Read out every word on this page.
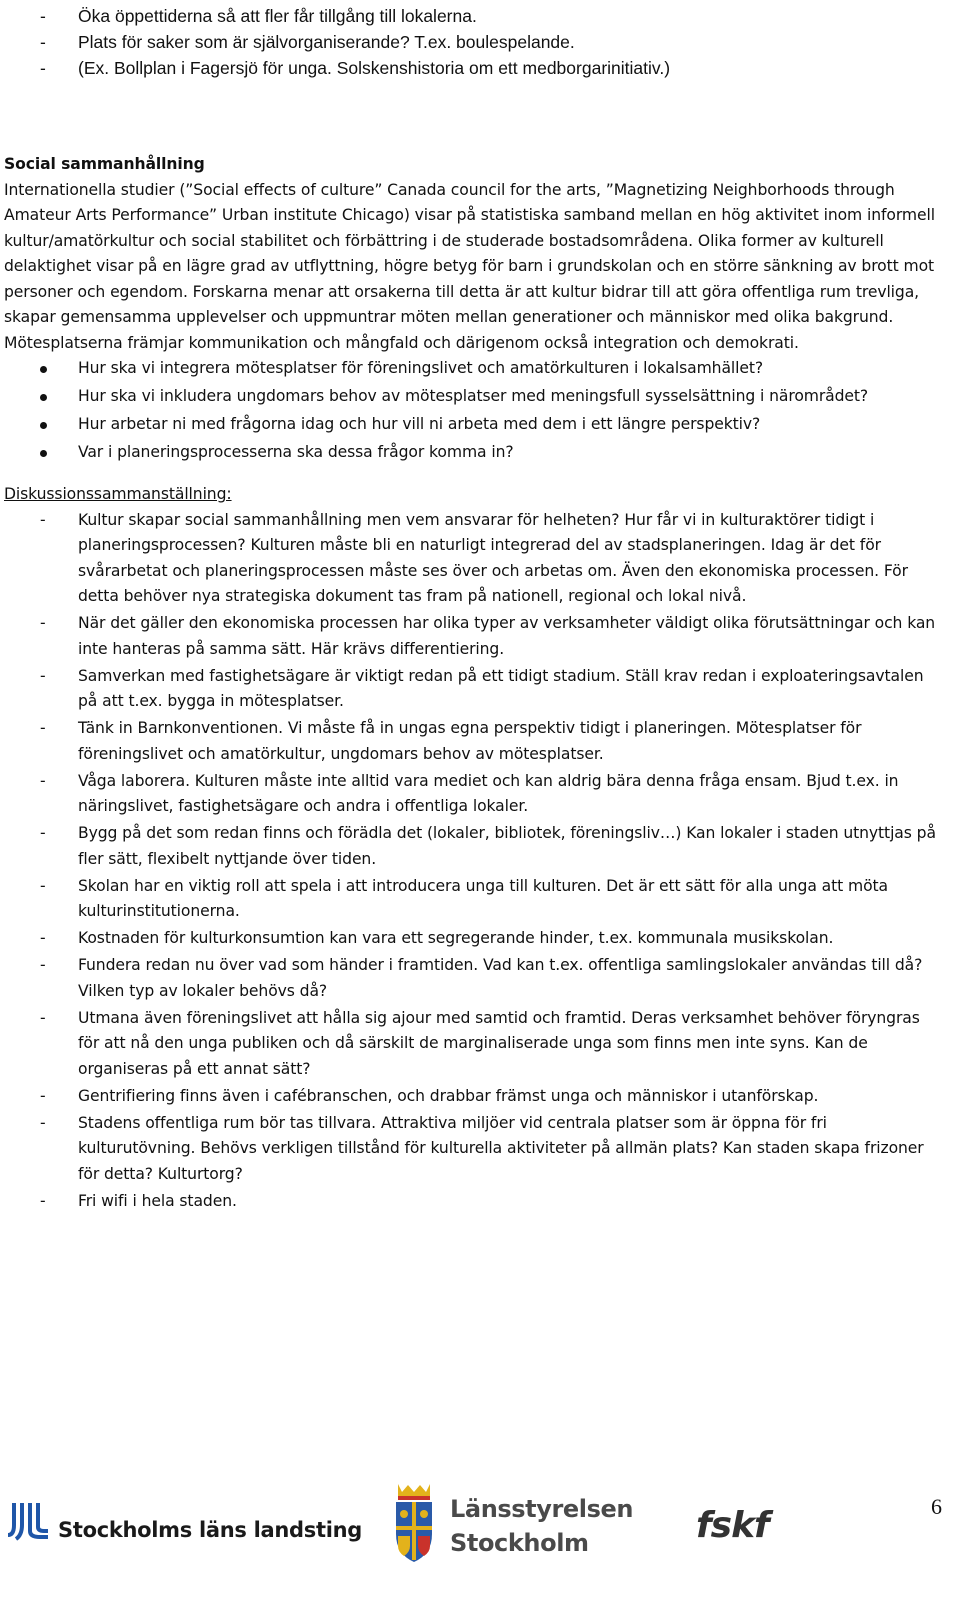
-	Öka öppettiderna så att fler får tillgång till lokalerna.
-	Plats för saker som är självorganiserande? T.ex. boulespelande.
-	(Ex. Bollplan i Fagersjö för unga. Solskenshistoria om ett medborgarinitiativ.)
Social sammanhållning

Internationella studier (”Social effects of culture” Canada council for the arts, ”Magnetizing Neighborhoods through Amateur Arts Performance” Urban institute Chicago) visar på statistiska samband mellan en hög aktivitet inom informell kultur/amatörkultur och social stabilitet och förbättring i de studerade bostadsområdena. Olika former av kulturell delaktighet visar på en lägre grad av utflyttning, högre betyg för barn i grundskolan och en större sänkning av brott mot personer och egendom. Forskarna menar att orsakerna till detta är att kultur bidrar till att göra offentliga rum trevliga, skapar gemensamma upplevelser och uppmuntrar möten mellan generationer och människor med olika bakgrund. Mötesplatserna främjar kommunikation och mångfald och därigenom också integration och demokrati.

Hur ska vi integrera mötesplatser för föreningslivet och amatörkulturen i lokalsamhället?
Hur ska vi inkludera ungdomars behov av mötesplatser med meningsfull sysselsättning i närområdet?
Hur arbetar ni med frågorna idag och hur vill ni arbeta med dem i ett längre perspektiv?
Var i planeringsprocesserna ska dessa frågor komma in?
Diskussionssammanställning:
-	Kultur skapar social sammanhållning men vem ansvarar för helheten? Hur får vi in kulturaktörer tidigt i planeringsprocessen? Kulturen måste bli en naturligt integrerad del av stadsplaneringen. Idag är det för svårarbetat och planeringsprocessen måste ses över och arbetas om. Även den ekonomiska processen. För detta behöver nya strategiska dokument tas fram på nationell, regional och lokal nivå.
-	När det gäller den ekonomiska processen har olika typer av verksamheter väldigt olika förutsättningar och kan inte hanteras på samma sätt. Här krävs differentiering.
-	Samverkan med fastighetsägare är viktigt redan på ett tidigt stadium. Ställ krav redan i exploateringsavtalen på att t.ex. bygga in mötesplatser.
-	Tänk in Barnkonventionen. Vi måste få in ungas egna perspektiv tidigt i planeringen. Mötesplatser för föreningslivet och amatörkultur, ungdomars behov av mötesplatser.
-	Våga laborera. Kulturen måste inte alltid vara mediet och kan aldrig bära denna fråga ensam. Bjud t.ex. in näringslivet, fastighetsägare och andra i offentliga lokaler.
-	Bygg på det som redan finns och förädla det (lokaler, bibliotek, föreningsliv…) Kan lokaler i staden utnyttjas på fler sätt, flexibelt nyttjande över tiden.
-	Skolan har en viktig roll att spela i att introducera unga till kulturen. Det är ett sätt för alla unga att möta kulturinstitutionerna.
-	Kostnaden för kulturkonsumtion kan vara ett segregerande hinder, t.ex. kommunala musikskolan.
-	Fundera redan nu över vad som händer i framtiden. Vad kan t.ex. offentliga samlingslokaler användas till då? Vilken typ av lokaler behövs då?
-	Utmana även föreningslivet att hålla sig ajour med samtid och framtid. Deras verksamhet behöver föryngras för att nå den unga publiken och då särskilt de marginaliserade unga som finns men inte syns. Kan de organiseras på ett annat sätt?
-	Gentrifiering finns även i cafébranschen, och drabbar främst unga och människor i utanförskap.
-	Stadens offentliga rum bör tas tillvara. Attraktiva miljöer vid centrala platser som är öppna för fri kulturutövning. Behövs verkligen tillstånd för kulturella aktiviteter på allmän plats? Kan staden skapa frizoner för detta? Kulturtorg?
-	Fri wifi i hela staden.
Stockholms läns landsting
Länsstyrelsen
Stockholm	fskf	6
